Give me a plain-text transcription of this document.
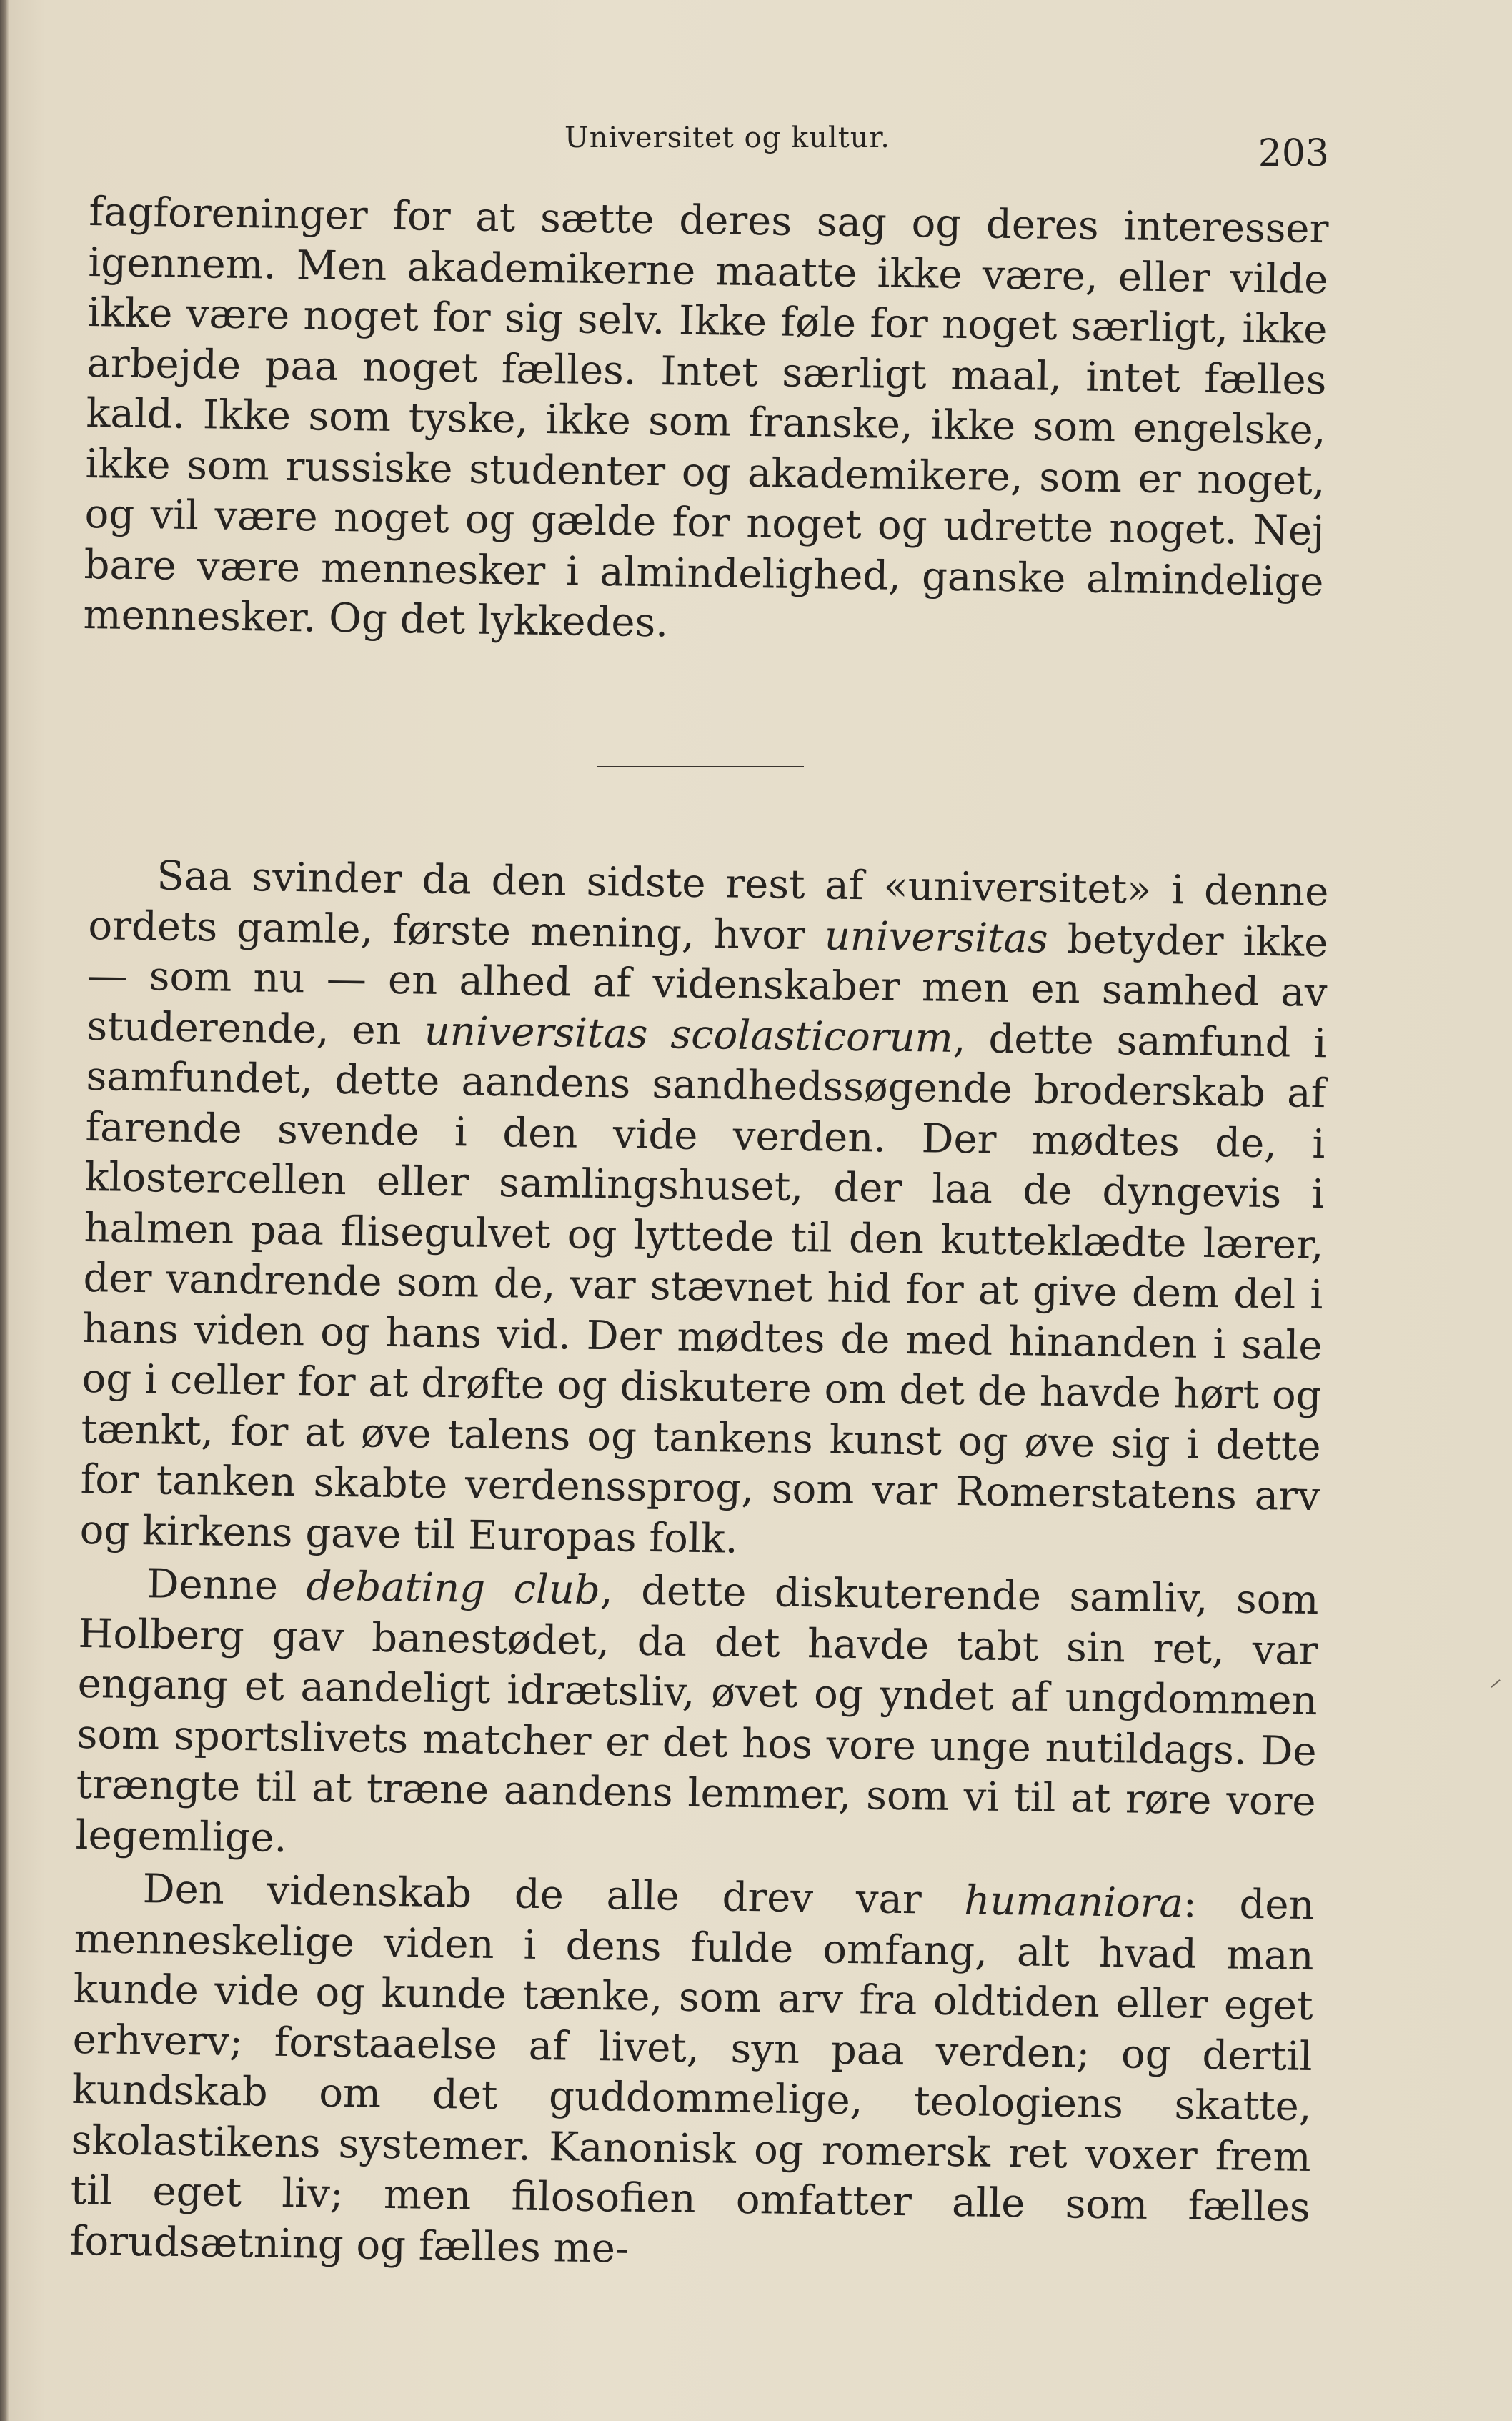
Universitet og kultur.	203

fagforeninger for at sætte deres sag og deres interesser igennem. Men akademikerne maatte ikke være, eller vilde ikke være noget for sig selv. Ikke føle for noget særligt, ikke arbejde paa noget fælles. Intet særligt maal, intet fælles kald. Ikke som tyske, ikke som franske, ikke som engelske, ikke som russiske studenter og akademikere, som er noget, og vil være noget og gælde for noget og udrette noget. Nej bare være mennesker i almindelighed, ganske almindelige mennesker. Og det lykkedes.

Saa svinder da den sidste rest af «universitet» i denne ordets gamle, første mening, hvor universitas betyder ikke — som nu — en alhed af videnskaber men en samhed av studerende, en universitas scolasticorum, dette samfund i samfundet, dette aandens sandhedssøgende broderskab af farende svende i den vide verden. Der mødtes de, i klostercellen eller samlingshuset, der laa de dyngevis i halmen paa flisegulvet og lyttede til den kutteklædte lærer, der vandrende som de, var stævnet hid for at give dem del i hans viden og hans vid. Der mødtes de med hinanden i sale og i celler for at drøfte og diskutere om det de havde hørt og tænkt, for at øve talens og tankens kunst og øve sig i dette for tanken skabte verdenssprog, som var Romerstatens arv og kirkens gave til Europas folk.

Denne debating club, dette diskuterende samliv, som Holberg gav banestødet, da det havde tabt sin ret, var engang et aandeligt idrætsliv, øvet og yndet af ungdommen som sportslivets matcher er det hos vore unge nutildags. De trængte til at træne aandens lemmer, som vi til at røre vore legemlige.

Den videnskab de alle drev var humaniora: den menneskelige viden i dens fulde omfang, alt hvad man kunde vide og kunde tænke, som arv fra oldtiden eller eget erhverv; forstaaelse af livet, syn paa verden; og dertil kundskab om det guddommelige, teologiens skatte, skolastikens systemer. Kanonisk og romersk ret voxer frem til eget liv; men filosofien omfatter alle som fælles forudsætning og fælles me-
